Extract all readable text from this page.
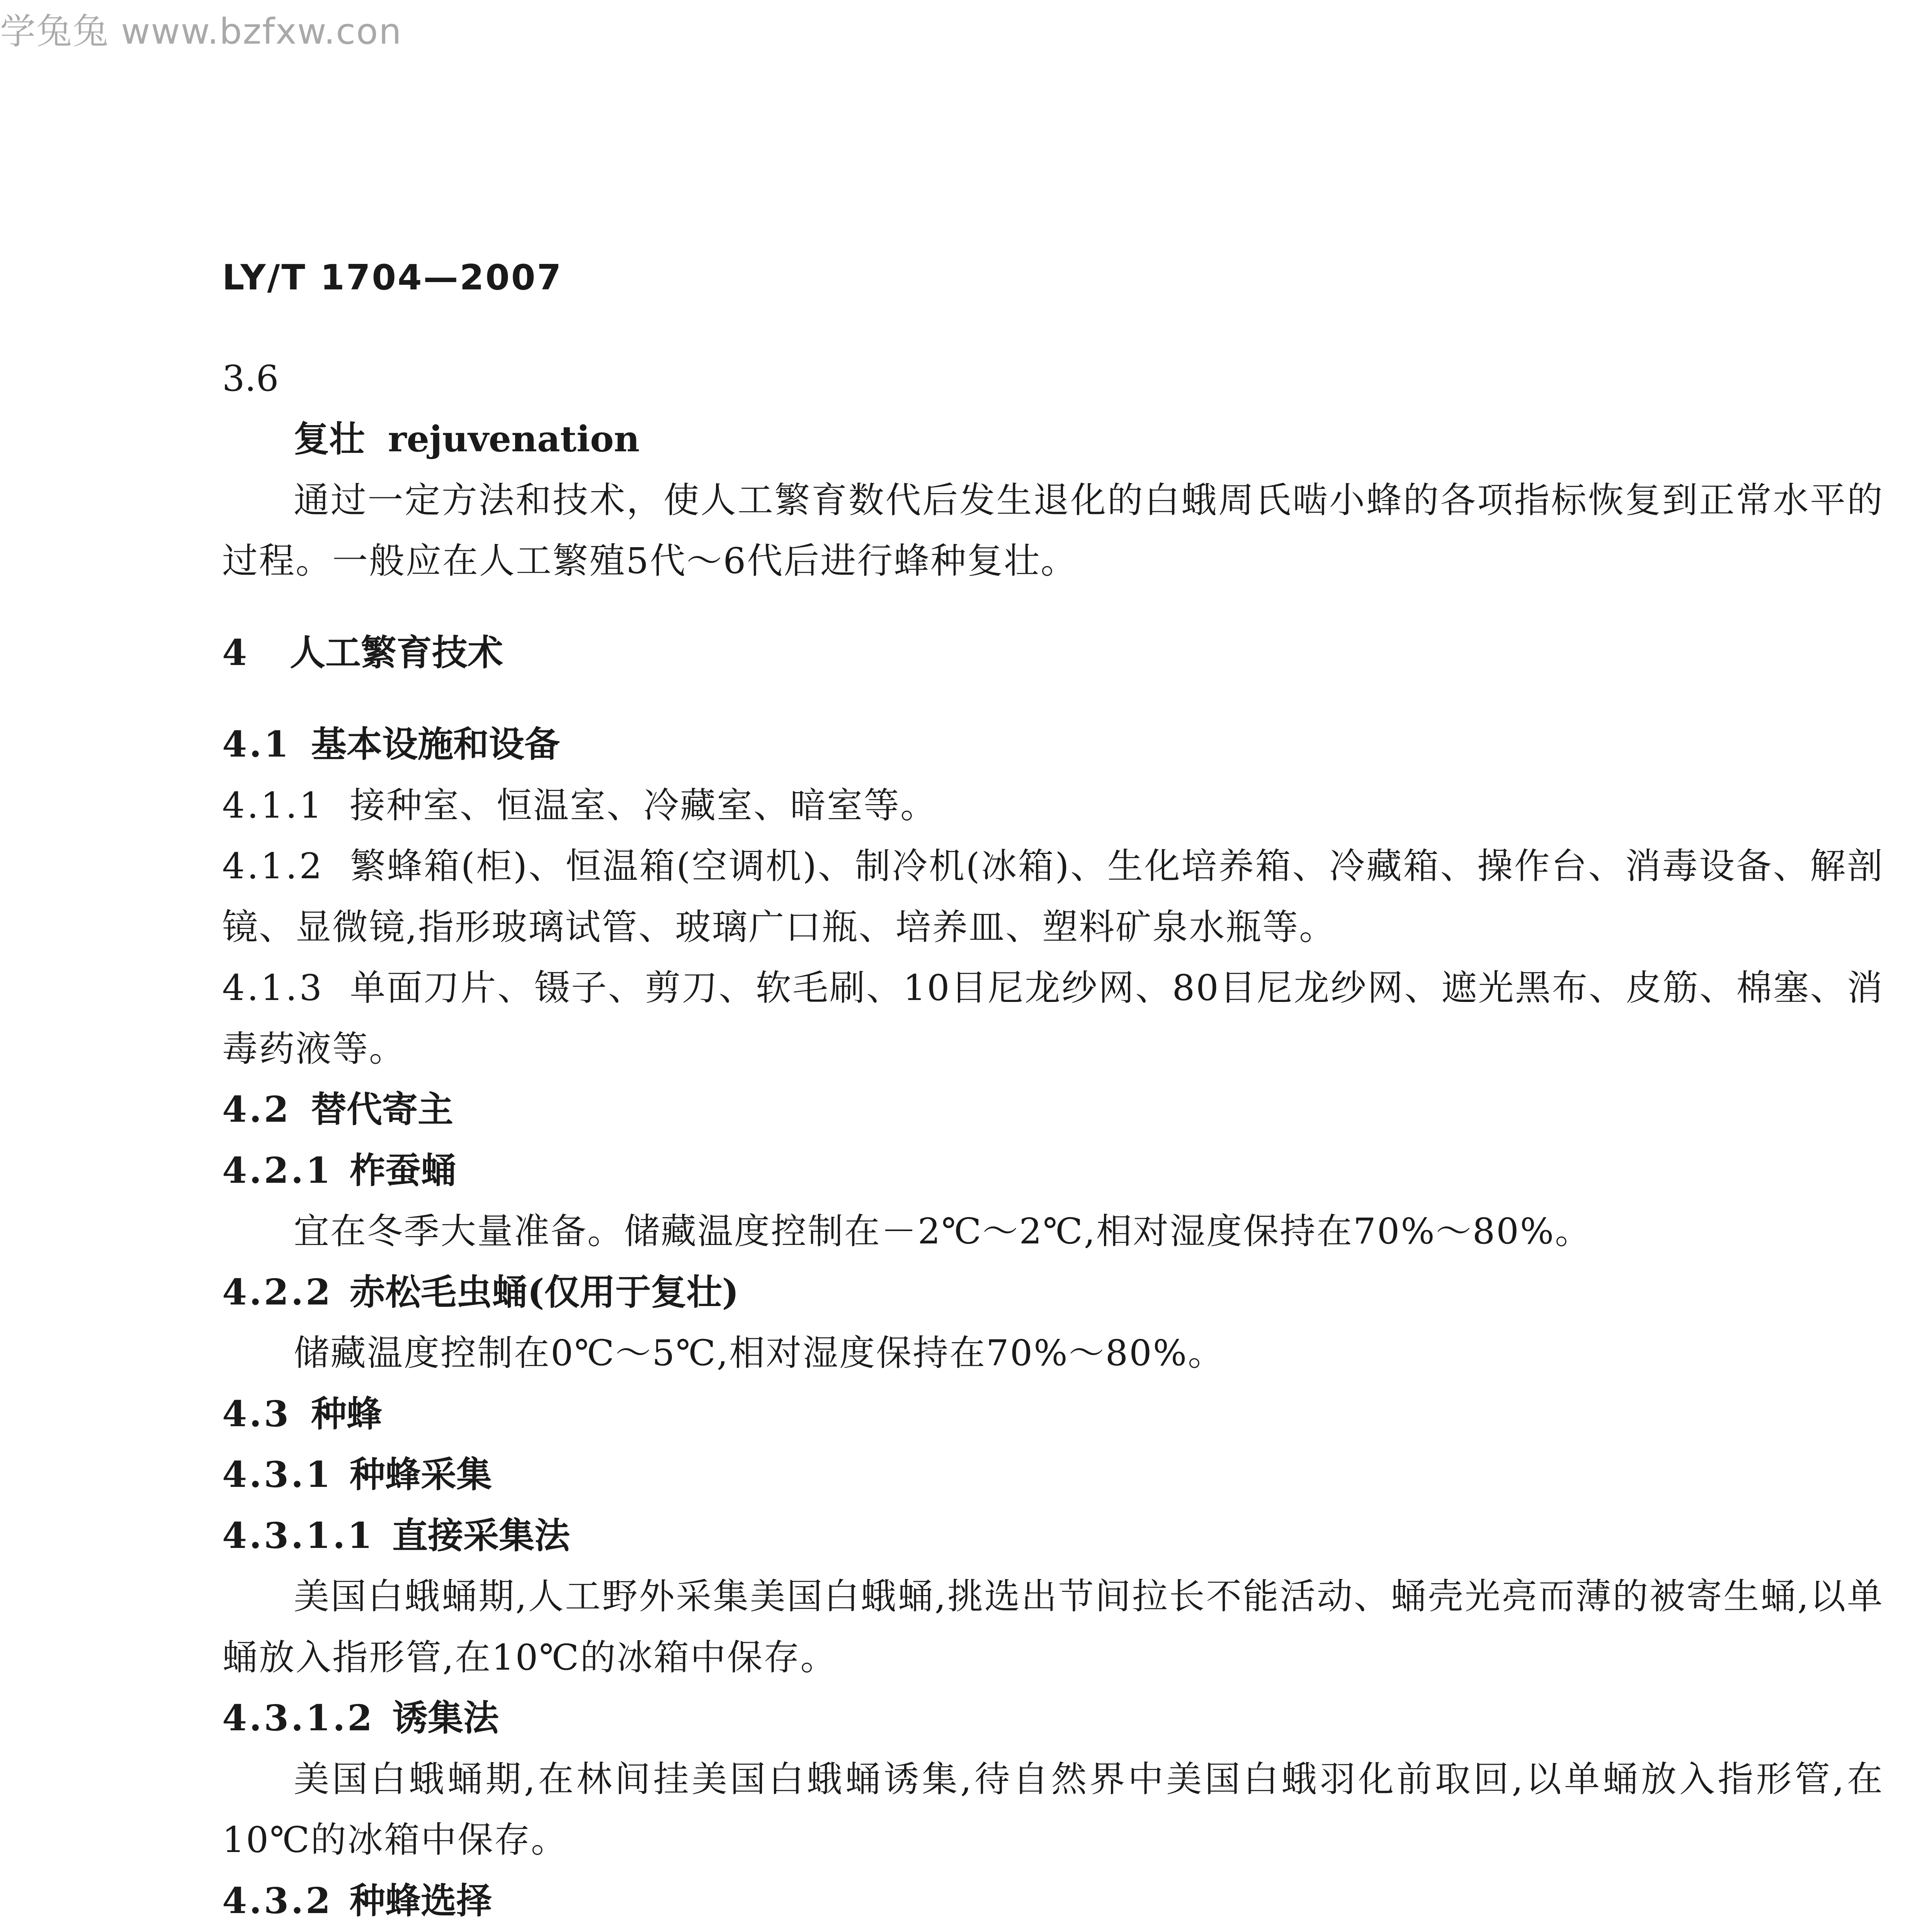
学兔兔 www.bzfxw.con
LY/T 1704—2007
3.6
复壮 rejuvenation
通过一定方法和技术，使人工繁育数代后发生退化的白蛾周氏啮小蜂的各项指标恢复到正常水平的过程。一般应在人工繁殖5代～6代后进行蜂种复壮。
4	人工繁育技术
4.1 基本设施和设备
4.1.1 接种室、恒温室、冷藏室、暗室等。
4.1.2 繁蜂箱(柜)、恒温箱(空调机)、制冷机(冰箱)、生化培养箱、冷藏箱、操作台、消毒设备、解剖镜、显微镜,指形玻璃试管、玻璃广口瓶、培养皿、塑料矿泉水瓶等。
4.1.3 单面刀片、镊子、剪刀、软毛刷、10目尼龙纱网、80目尼龙纱网、遮光黑布、皮筋、棉塞、消毒药液等。
4.2 替代寄主
4.2.1 柞蚕蛹
宜在冬季大量准备。储藏温度控制在－2℃～2℃,相对湿度保持在70%～80%。
4.2.2 赤松毛虫蛹(仅用于复壮)
储藏温度控制在0℃～5℃,相对湿度保持在70%～80%。
4.3 种蜂
4.3.1 种蜂采集
4.3.1.1 直接采集法
美国白蛾蛹期,人工野外采集美国白蛾蛹,挑选出节间拉长不能活动、蛹壳光亮而薄的被寄生蛹,以单蛹放入指形管,在10℃的冰箱中保存。
4.3.1.2 诱集法
美国白蛾蛹期,在林间挂美国白蛾蛹诱集,待自然界中美国白蛾羽化前取回,以单蛹放入指形管,在10℃的冰箱中保存。
4.3.2 种蜂选择
